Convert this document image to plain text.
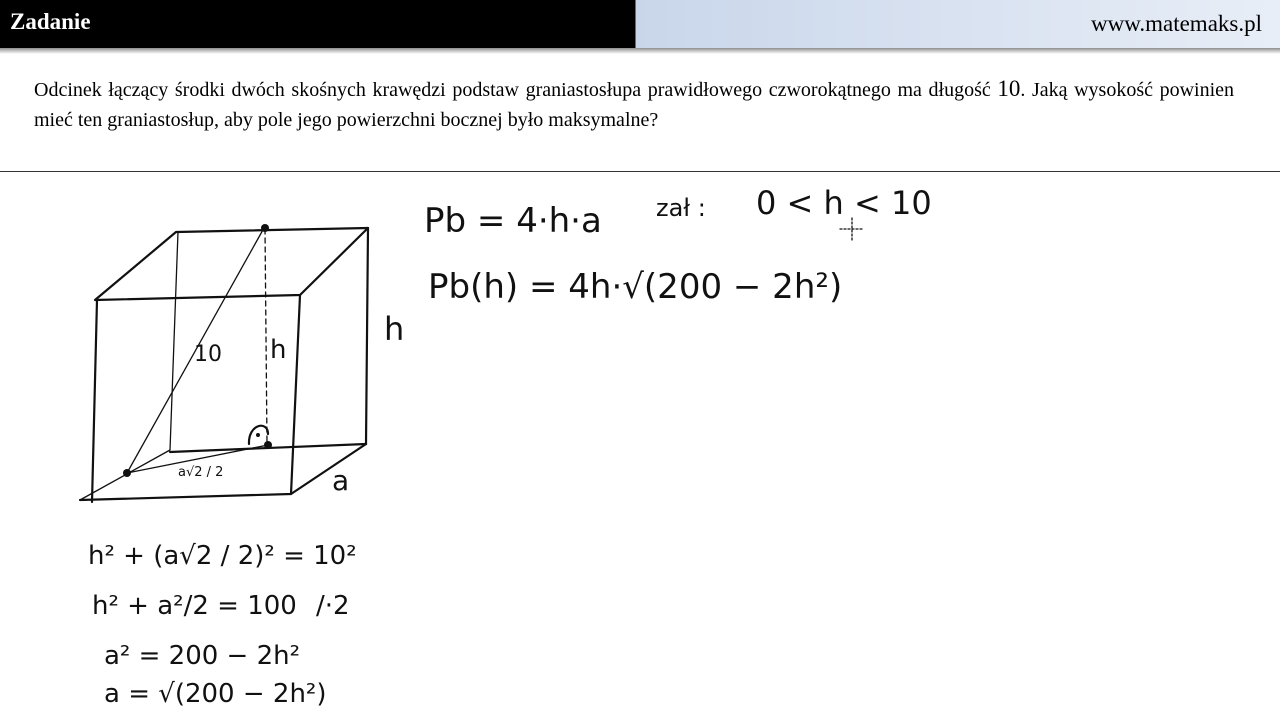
Zadanie	www.matemaks.pl
Odcinek łączący środki dwóch skośnych krawędzi podstaw graniastosłupa prawidłowego czworokątnego ma długość 10. Jaką wysokość powinien mieć ten graniastosłup, aby pole jego powierzchni bocznej było maksymalne?
10 h
h
a
a√2 / 2
h² + (a√2 / 2)² = 10²
h² + a²/2 = 100 /·2
a² = 200 − 2h²
a = √(200 − 2h²)
Pb = 4·h·a zał : 0 < h < 10
Pb(h) = 4h·√(200 − 2h²)
